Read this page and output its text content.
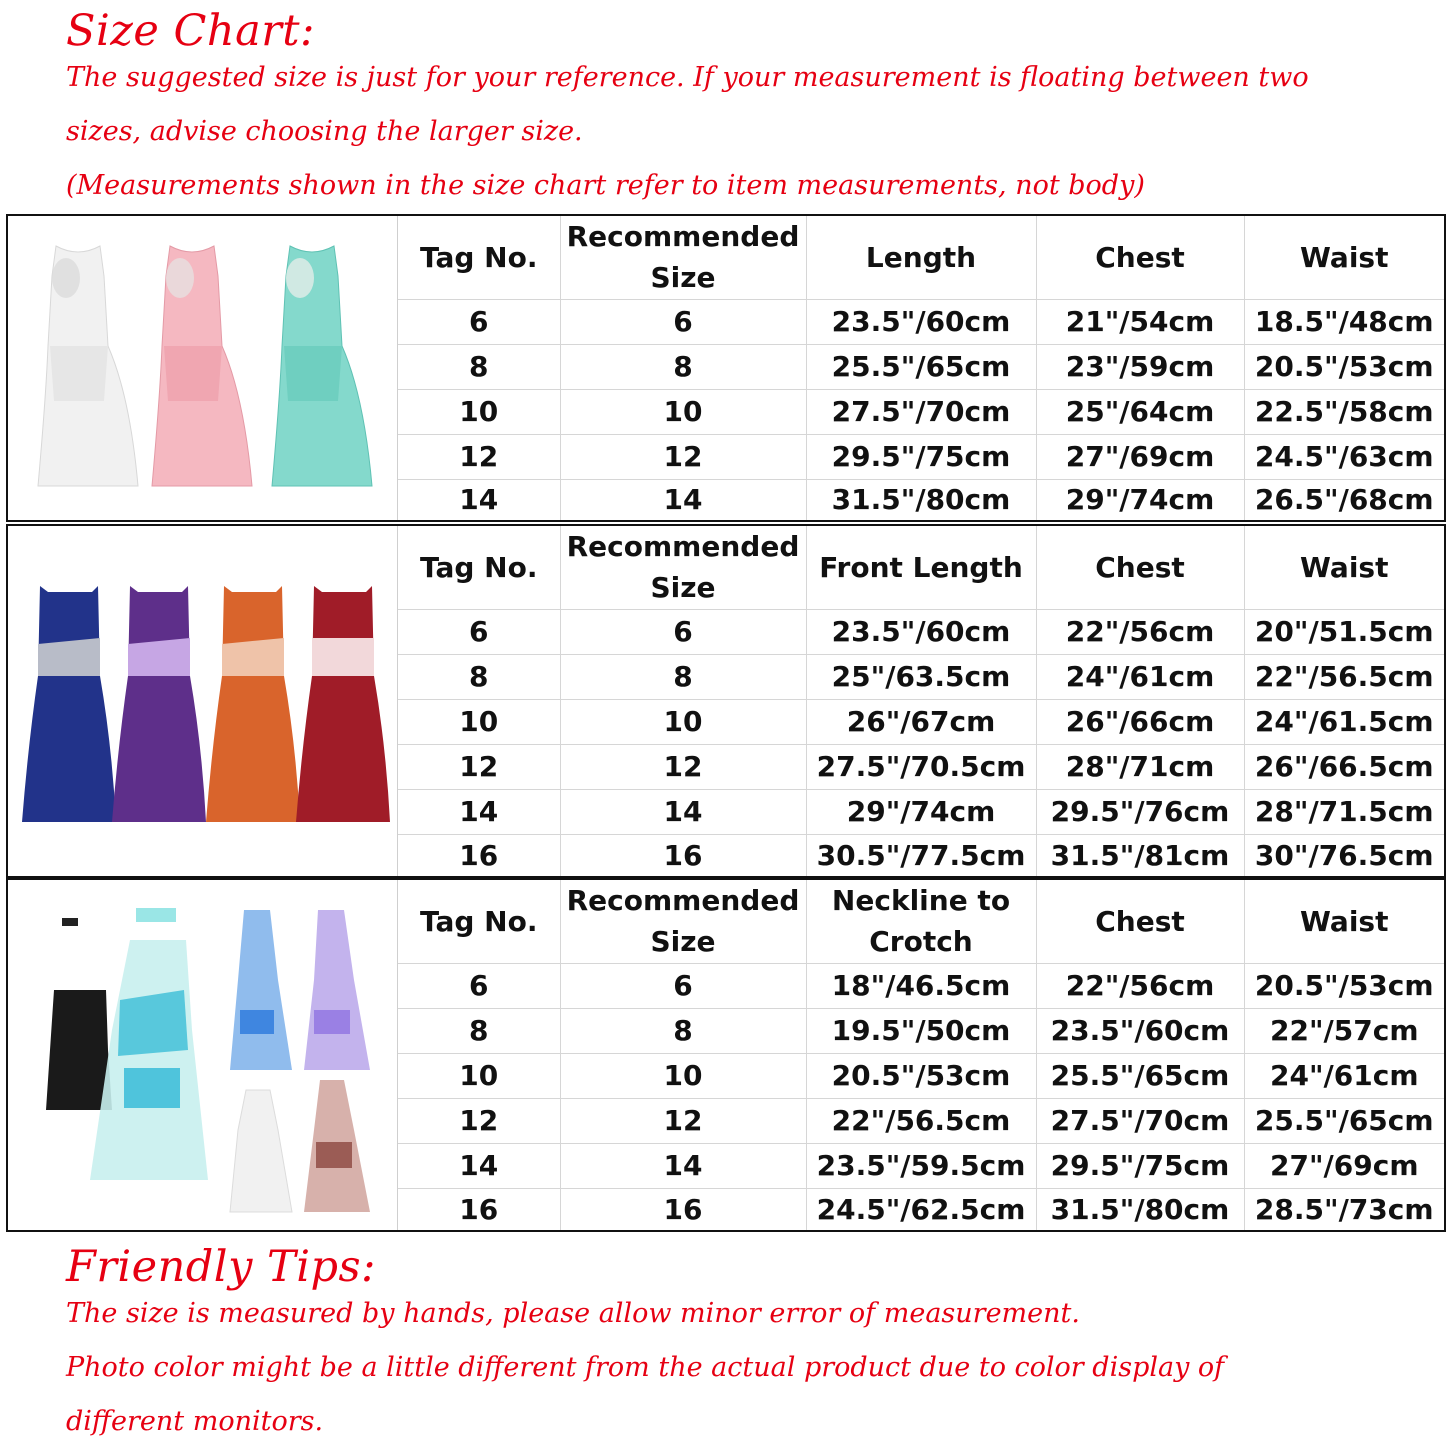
Size Chart:
The suggested size is just for your reference. If your measurement is floating between two
sizes, advise choosing the larger size.
(Measurements shown in the size chart refer to item measurements, not body)
Tag No.	Recommended Size	Length	Chest	Waist
6	6	23.5"/60cm	21"/54cm	18.5"/48cm
8	8	25.5"/65cm	23"/59cm	20.5"/53cm
10	10	27.5"/70cm	25"/64cm	22.5"/58cm
12	12	29.5"/75cm	27"/69cm	24.5"/63cm
14	14	31.5"/80cm	29"/74cm	26.5"/68cm
Tag No.	Recommended Size	Front Length	Chest	Waist
6	6	23.5"/60cm	22"/56cm	20"/51.5cm
8	8	25"/63.5cm	24"/61cm	22"/56.5cm
10	10	26"/67cm	26"/66cm	24"/61.5cm
12	12	27.5"/70.5cm	28"/71cm	26"/66.5cm
14	14	29"/74cm	29.5"/76cm	28"/71.5cm
16	16	30.5"/77.5cm	31.5"/81cm	30"/76.5cm
Tag No.	Recommended Size	Neckline to Crotch	Chest	Waist
6	6	18"/46.5cm	22"/56cm	20.5"/53cm
8	8	19.5"/50cm	23.5"/60cm	22"/57cm
10	10	20.5"/53cm	25.5"/65cm	24"/61cm
12	12	22"/56.5cm	27.5"/70cm	25.5"/65cm
14	14	23.5"/59.5cm	29.5"/75cm	27"/69cm
16	16	24.5"/62.5cm	31.5"/80cm	28.5"/73cm
Friendly Tips:
The size is measured by hands, please allow minor error of measurement.
Photo color might be a little different from the actual product due to color display of
different monitors.
